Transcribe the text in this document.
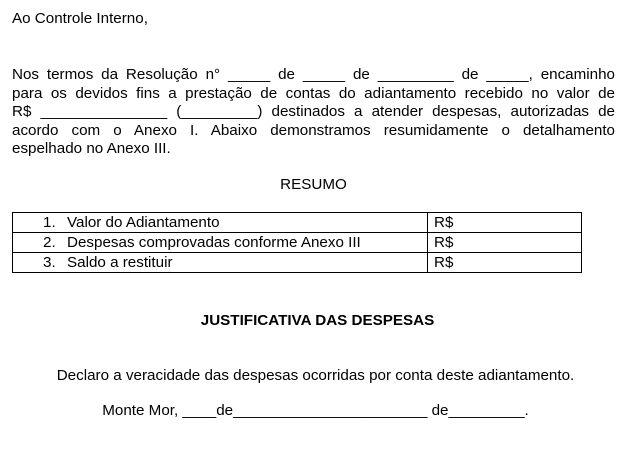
Ao Controle Interno,
Nos termos da Resolução n° _____ de _____ de _________ de _____, encaminho
para os devidos fins a prestação de contas do adiantamento recebido no valor de
R$ _______________ (_________) destinados a atender despesas, autorizadas de
acordo com o Anexo I. Abaixo demonstramos resumidamente o detalhamento
espelhado no Anexo III.
RESUMO
1. Valor do Adiantamento	R$
2. Despesas comprovadas conforme Anexo III	R$
3. Saldo a restituir	R$
JUSTIFICATIVA DAS DESPESAS
Declaro a veracidade das despesas ocorridas por conta deste adiantamento.
Monte Mor, ____de_______________________ de_________.
